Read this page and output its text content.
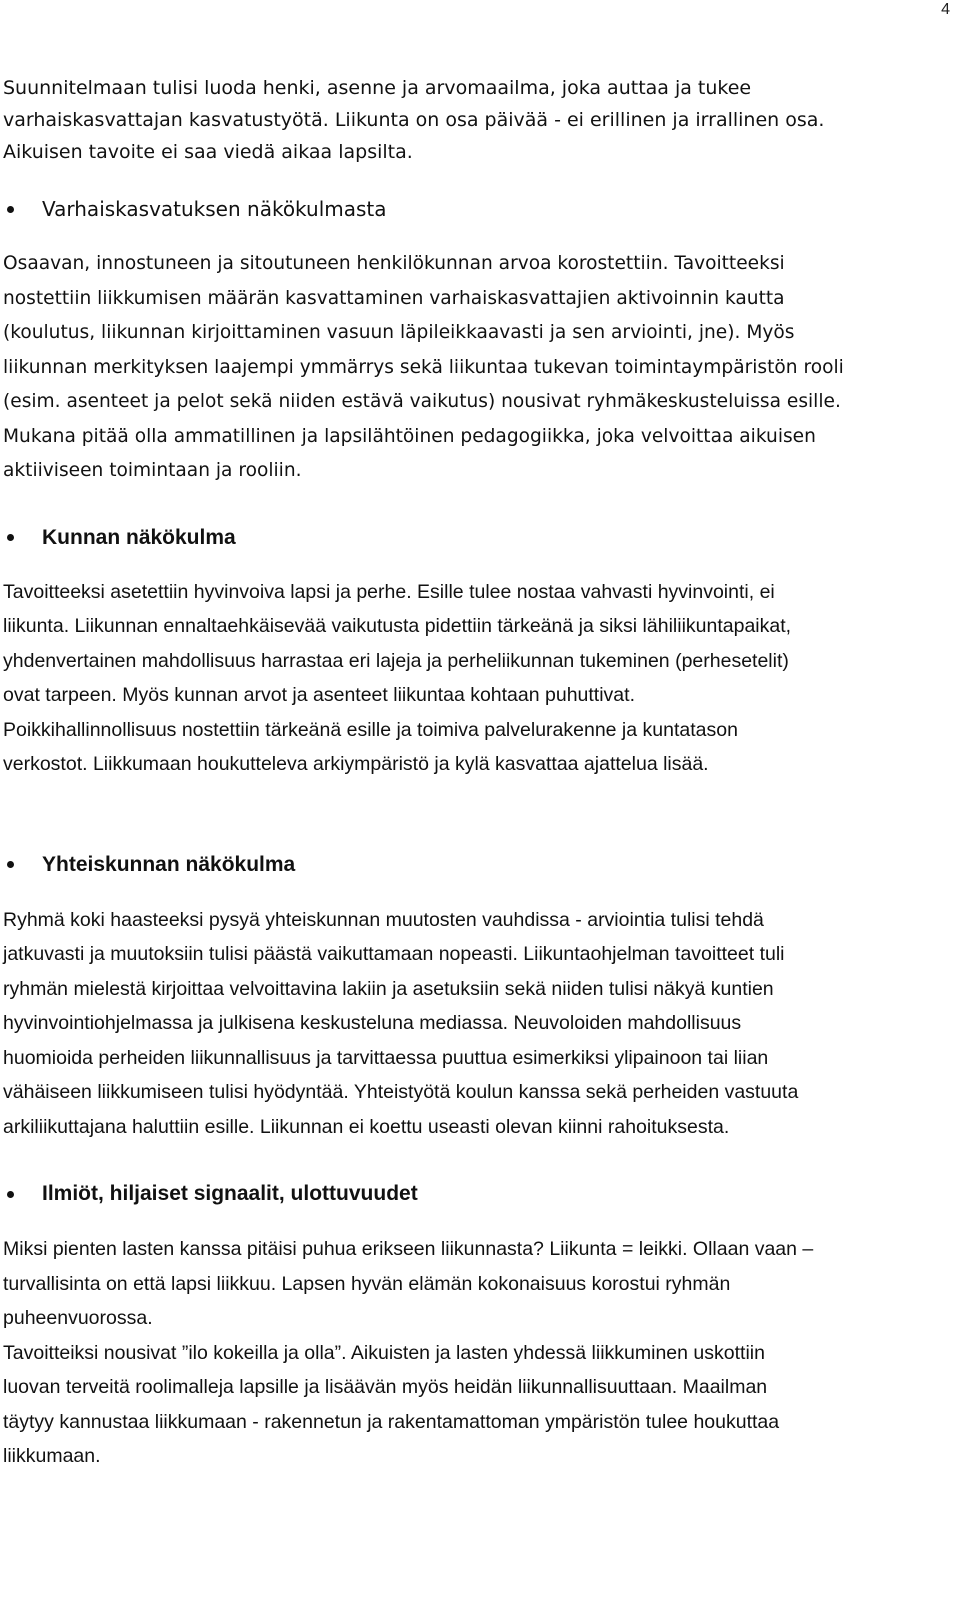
4
Suunnitelmaan tulisi luoda henki, asenne ja arvomaailma, joka auttaa ja tukee
varhaiskasvattajan kasvatustyötä. Liikunta on osa päivää - ei erillinen ja irrallinen osa.
Aikuisen tavoite ei saa viedä aikaa lapsilta.
Varhaiskasvatuksen näkökulmasta
Osaavan, innostuneen ja sitoutuneen henkilökunnan arvoa korostettiin. Tavoitteeksi
nostettiin liikkumisen määrän kasvattaminen varhaiskasvattajien aktivoinnin kautta
(koulutus, liikunnan kirjoittaminen vasuun läpileikkaavasti ja sen arviointi, jne). Myös
liikunnan merkityksen laajempi ymmärrys sekä liikuntaa tukevan toimintaympäristön rooli
(esim. asenteet ja pelot sekä niiden estävä vaikutus) nousivat ryhmäkeskusteluissa esille.
Mukana pitää olla ammatillinen ja lapsilähtöinen pedagogiikka, joka velvoittaa aikuisen
aktiiviseen toimintaan ja rooliin.
Kunnan näkökulma
Tavoitteeksi asetettiin hyvinvoiva lapsi ja perhe. Esille tulee nostaa vahvasti hyvinvointi, ei
liikunta. Liikunnan ennaltaehkäisevää vaikutusta pidettiin tärkeänä ja siksi lähiliikuntapaikat,
yhdenvertainen mahdollisuus harrastaa eri lajeja ja perheliikunnan tukeminen (perhesetelit)
ovat tarpeen. Myös kunnan arvot ja asenteet liikuntaa kohtaan puhuttivat.
Poikkihallinnollisuus nostettiin tärkeänä esille ja toimiva palvelurakenne ja kuntatason
verkostot. Liikkumaan houkutteleva arkiympäristö ja kylä kasvattaa ajattelua lisää.
Yhteiskunnan näkökulma
Ryhmä koki haasteeksi pysyä yhteiskunnan muutosten vauhdissa - arviointia tulisi tehdä
jatkuvasti ja muutoksiin tulisi päästä vaikuttamaan nopeasti. Liikuntaohjelman tavoitteet tuli
ryhmän mielestä kirjoittaa velvoittavina lakiin ja asetuksiin sekä niiden tulisi näkyä kuntien
hyvinvointiohjelmassa ja julkisena keskusteluna mediassa. Neuvoloiden mahdollisuus
huomioida perheiden liikunnallisuus ja tarvittaessa puuttua esimerkiksi ylipainoon tai liian
vähäiseen liikkumiseen tulisi hyödyntää. Yhteistyötä koulun kanssa sekä perheiden vastuuta
arkiliikuttajana haluttiin esille. Liikunnan ei koettu useasti olevan kiinni rahoituksesta.
Ilmiöt, hiljaiset signaalit, ulottuvuudet
Miksi pienten lasten kanssa pitäisi puhua erikseen liikunnasta? Liikunta = leikki. Ollaan vaan –
turvallisinta on että lapsi liikkuu. Lapsen hyvän elämän kokonaisuus korostui ryhmän
puheenvuorossa.
Tavoitteiksi nousivat ”ilo kokeilla ja olla”. Aikuisten ja lasten yhdessä liikkuminen uskottiin
luovan terveitä roolimalleja lapsille ja lisäävän myös heidän liikunnallisuuttaan. Maailman
täytyy kannustaa liikkumaan - rakennetun ja rakentamattoman ympäristön tulee houkuttaa
liikkumaan.
